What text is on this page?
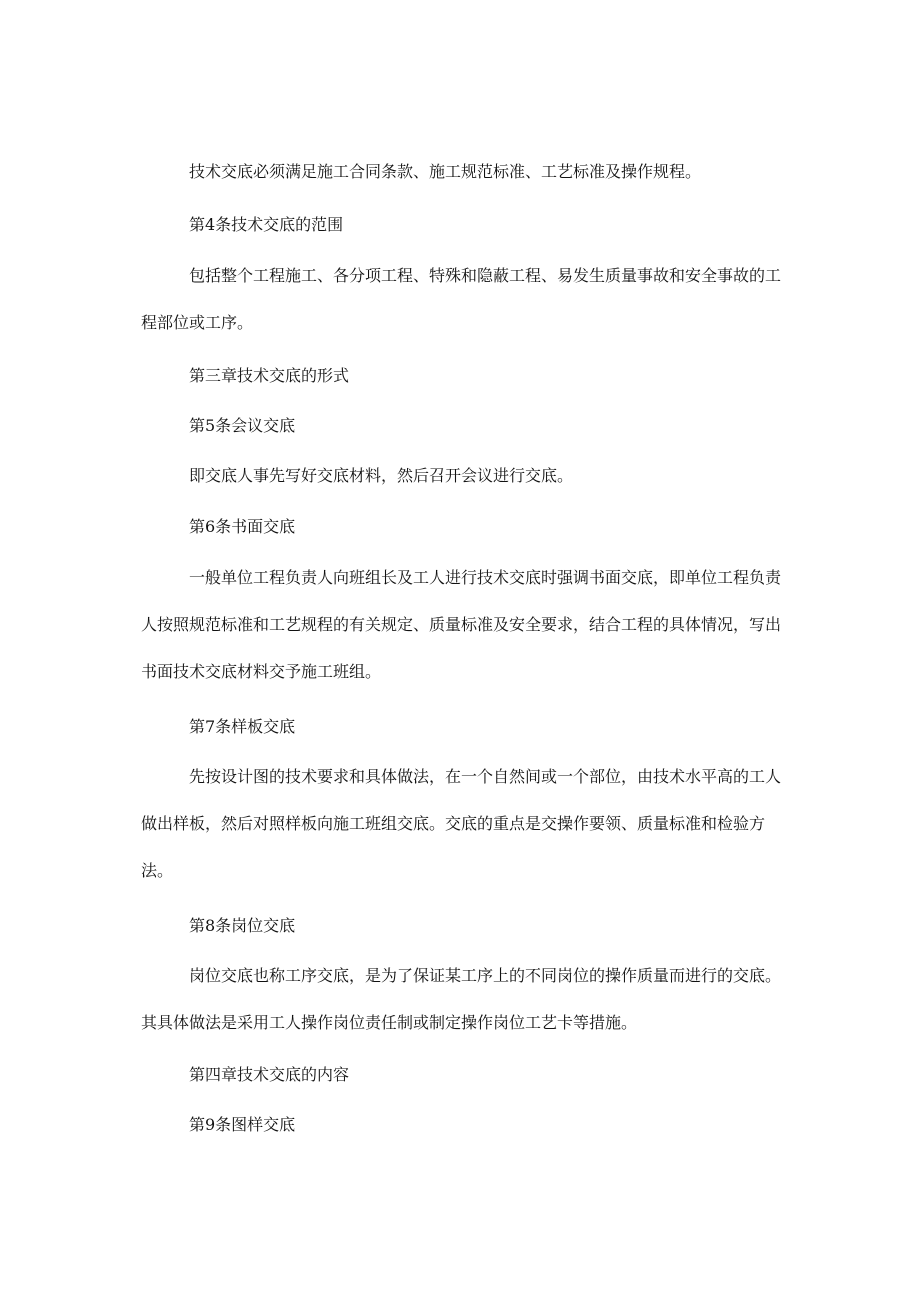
技术交底必须满足施工合同条款、施工规范标准、工艺标准及操作规程。

第4条技术交底的范围

包括整个工程施工、各分项工程、特殊和隐蔽工程、易发生质量事故和安全事故的工程部位或工序。

第三章技术交底的形式

第5条会议交底

即交底人事先写好交底材料，然后召开会议进行交底。

第6条书面交底

一般单位工程负责人向班组长及工人进行技术交底时强调书面交底，即单位工程负责人按照规范标准和工艺规程的有关规定、质量标准及安全要求，结合工程的具体情况，写出书面技术交底材料交予施工班组。

第7条样板交底

先按设计图的技术要求和具体做法，在一个自然间或一个部位，由技术水平高的工人做出样板，然后对照样板向施工班组交底。交底的重点是交操作要领、质量标准和检验方法。

第8条岗位交底

岗位交底也称工序交底，是为了保证某工序上的不同岗位的操作质量而进行的交底。其具体做法是采用工人操作岗位责任制或制定操作岗位工艺卡等措施。

第四章技术交底的内容

第9条图样交底
